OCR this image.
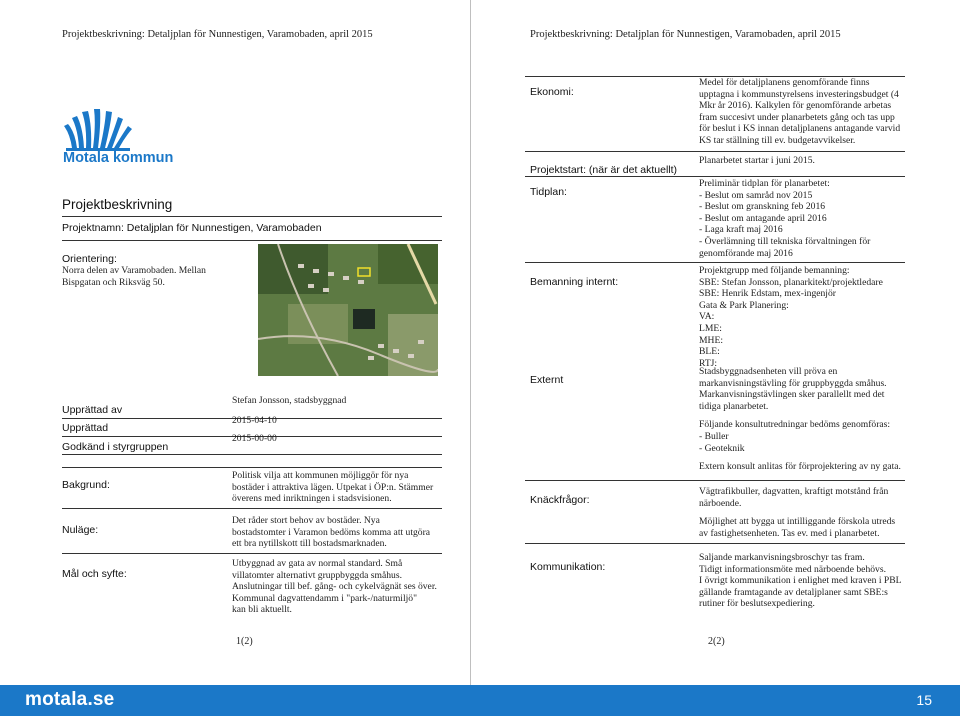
Projektbeskrivning: Detaljplan för Nunnestigen, Varamobaden, april 2015
Motala kommun
Projektbeskrivning
Projektnamn: Detaljplan för Nunnestigen, Varamobaden
Orientering:
Norra delen av Varamobaden. Mellan
Bispgatan och Riksväg 50.
Upprättad av
Stefan Jonsson, stadsbyggnad
Upprättad
2015-04-10
Godkänd i styrgruppen
2015-00-00
Bakgrund:
Politisk vilja att kommunen möjliggör för nya
bostäder i attraktiva lägen. Utpekat i ÖP:n. Stämmer
överens med inriktningen i stadsvisionen.
Nuläge:
Det råder stort behov av bostäder. Nya
bostadstomter i Varamon bedöms komma att utgöra
ett bra nytillskott till bostadsmarknaden.
Mål och syfte:
Utbyggnad av gata av normal standard. Små
villatomter alternativt gruppbyggda småhus.
Anslutningar till bef. gång- och cykelvägnät ses över.
Kommunal dagvattendamm i "park-/naturmiljö"
kan bli aktuellt.
1(2)
Projektbeskrivning: Detaljplan för Nunnestigen, Varamobaden, april 2015
Ekonomi:
Medel för detaljplanens genomförande finns
upptagna i kommunstyrelsens investeringsbudget (4
Mkr år 2016). Kalkylen för genomförande arbetas
fram succesivt under planarbetets gång och tas upp
för beslut i KS innan detaljplanens antagande varvid
KS tar ställning till ev. budgetavvikelser.
Projektstart: (när är det aktuellt)
Planarbetet startar i juni 2015.
Tidplan:
Preliminär tidplan för planarbetet:
- Beslut om samråd nov 2015
- Beslut om granskning feb 2016
- Beslut om antagande april 2016
- Laga kraft maj 2016
- Överlämning till tekniska förvaltningen för
genomförande maj 2016
Bemanning internt:
Projektgrupp med följande bemanning:
SBE: Stefan Jonsson, planarkitekt/projektledare
SBE: Henrik Edstam, mex-ingenjör
Gata & Park Planering:
VA:
LME:
MHE:
BLE:
RTJ:
Externt
Stadsbyggnadsenheten vill pröva en
markanvisningstävling för gruppbyggda småhus.
Markanvisningstävlingen sker parallellt med det
tidiga planarbetet.
Följande konsultutredningar bedöms genomföras:
- Buller
- Geoteknik
Extern konsult anlitas för förprojektering av ny gata.
Knäckfrågor:
Vägtrafikbuller, dagvatten, kraftigt motstånd från
närboende.
Möjlighet att bygga ut intilliggande förskola utreds
av fastighetsenheten. Tas ev. med i planarbetet.
Kommunikation:
Saljande markanvisningsbroschyr tas fram.
Tidigt informationsmöte med närboende behövs.
I övrigt kommunikation i enlighet med kraven i PBL
gällande framtagande av detaljplaner samt SBE:s
rutiner för beslutsexpediering.
2(2)
motala.se	15
